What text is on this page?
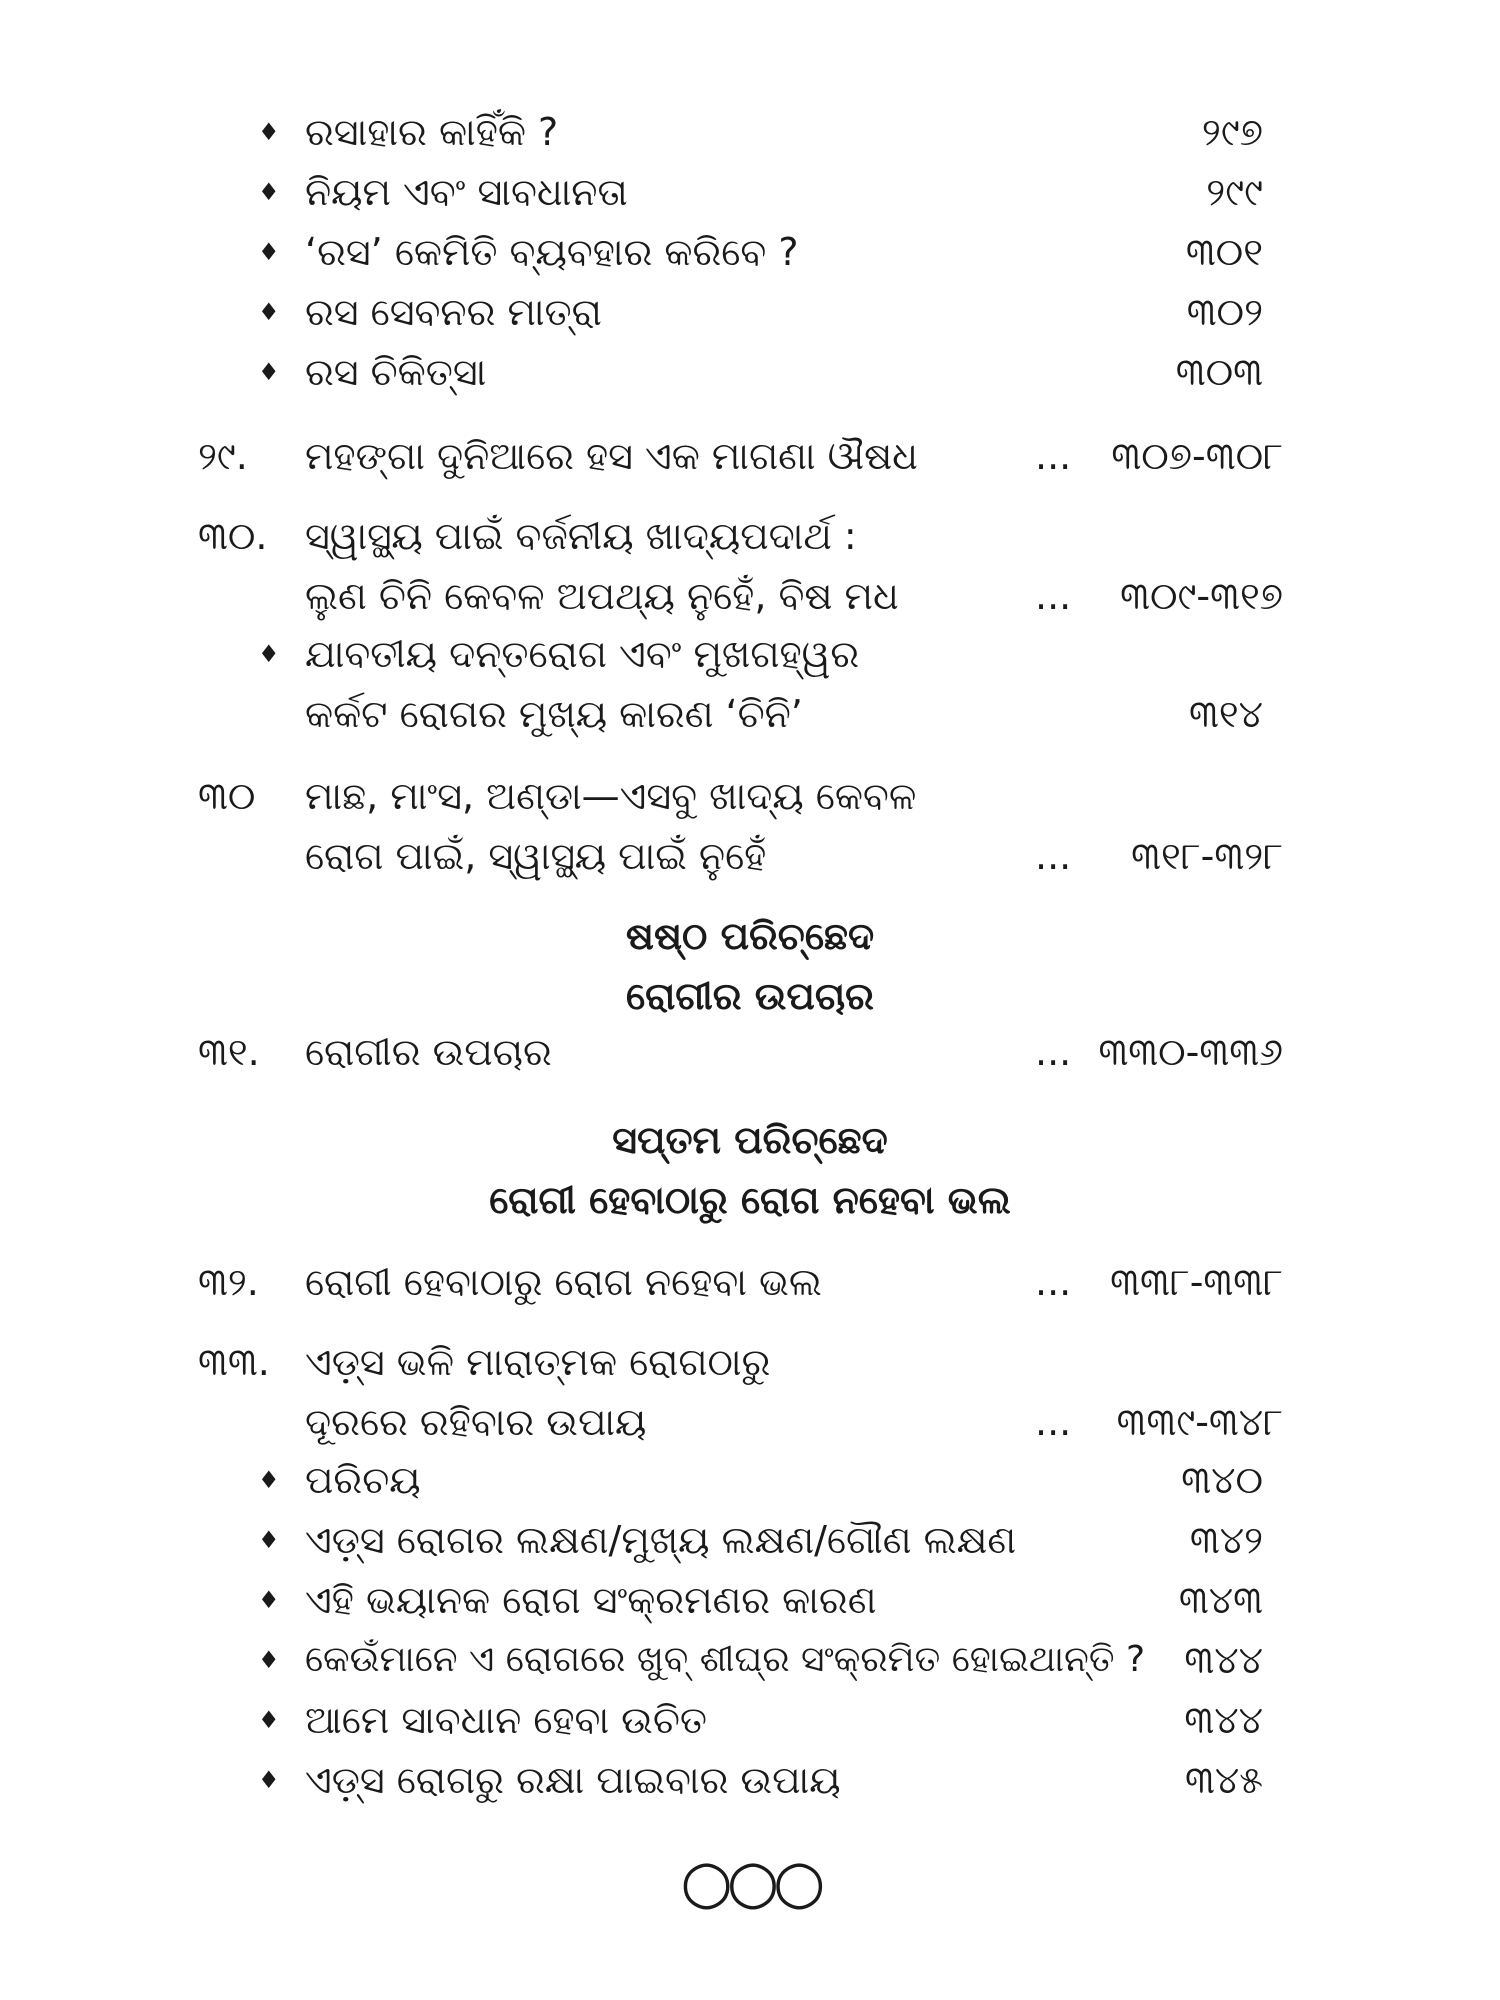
♦ ରସାହାର କାହିଁକି ?	୨୯୭
♦ ନିୟମ ଏବଂ ସାବଧାନତା	୨୯୯
♦ ‘ରସ’ କେମିତି ବ୍ୟବହାର କରିବେ ?	୩୦୧
♦ ରସ ସେବନର ମାତ୍ରା	୩୦୨
♦ ରସ ଚିକିତ୍ସା	୩୦୩
୨୯. ମହଙ୍ଗା ଦୁନିଆରେ ହସ ଏକ ମାଗଣା ଔଷଧ	...	୩୦୭-୩୦୮
୩୦. ସ୍ୱାସ୍ଥ୍ୟ ପାଇଁ ବର୍ଜନୀୟ ଖାଦ୍ୟପଦାର୍ଥ :
ଲୁଣ ଚିନି କେବଳ ଅପଥ୍ୟ ନୁହେଁ, ବିଷ ମଧ	...	୩୦୯-୩୧୭
♦ ଯାବତୀୟ ଦନ୍ତରୋଗ ଏବଂ ମୁଖଗହ୍ୱର
କର୍କଟ ରୋଗର ମୁଖ୍ୟ କାରଣ ‘ଚିନି’	୩୧୪
୩୦ ମାଛ, ମାଂସ, ଅଣ୍ଡା—ଏସବୁ ଖାଦ୍ୟ କେବଳ
ରୋଗ ପାଇଁ, ସ୍ୱାସ୍ଥ୍ୟ ପାଇଁ ନୁହେଁ	...	୩୧୮-୩୨୮
ଷଷ୍ଠ ପରିଚ୍ଛେଦ
ରୋଗୀର ଉପଚାର
୩୧. ରୋଗୀର ଉପଚାର	... ୩୩୦-୩୩୬
ସପ୍ତମ ପରିଚ୍ଛେଦ
ରୋଗୀ ହେବାଠାରୁ ରୋଗ ନହେବା ଭଲ
୩୨. ରୋଗୀ ହେବାଠାରୁ ରୋଗ ନହେବା ଭଲ	...	୩୩୮-୩୩୮
୩୩. ଏଡ଼୍‌ସ ଭଳି ମାରାତ୍ମକ ରୋଗଠାରୁ
ଦୂରରେ ରହିବାର ଉପାୟ	...	୩୩୯-୩୪୮
♦ ପରିଚୟ	୩୪୦
♦ ଏଡ଼୍‌ସ ରୋଗର ଲକ୍ଷଣ/ମୁଖ୍ୟ ଲକ୍ଷଣ/ଗୌଣ ଲକ୍ଷଣ	୩୪୨
♦ ଏହି ଭୟାନକ ରୋଗ ସଂକ୍ରମଣର କାରଣ	୩୪୩
♦ କେଉଁମାନେ ଏ ରୋଗରେ ଖୁବ୍ ଶୀଘ୍ର ସଂକ୍ରମିତ ହୋଇଥାନ୍ତି ?	୩୪୪
♦ ଆମେ ସାବଧାନ ହେବା ଉଚିତ	୩୪୪
♦ ଏଡ଼୍‌ସ ରୋଗରୁ ରକ୍ଷା ପାଇବାର ଉପାୟ	୩୪୫
○○○
